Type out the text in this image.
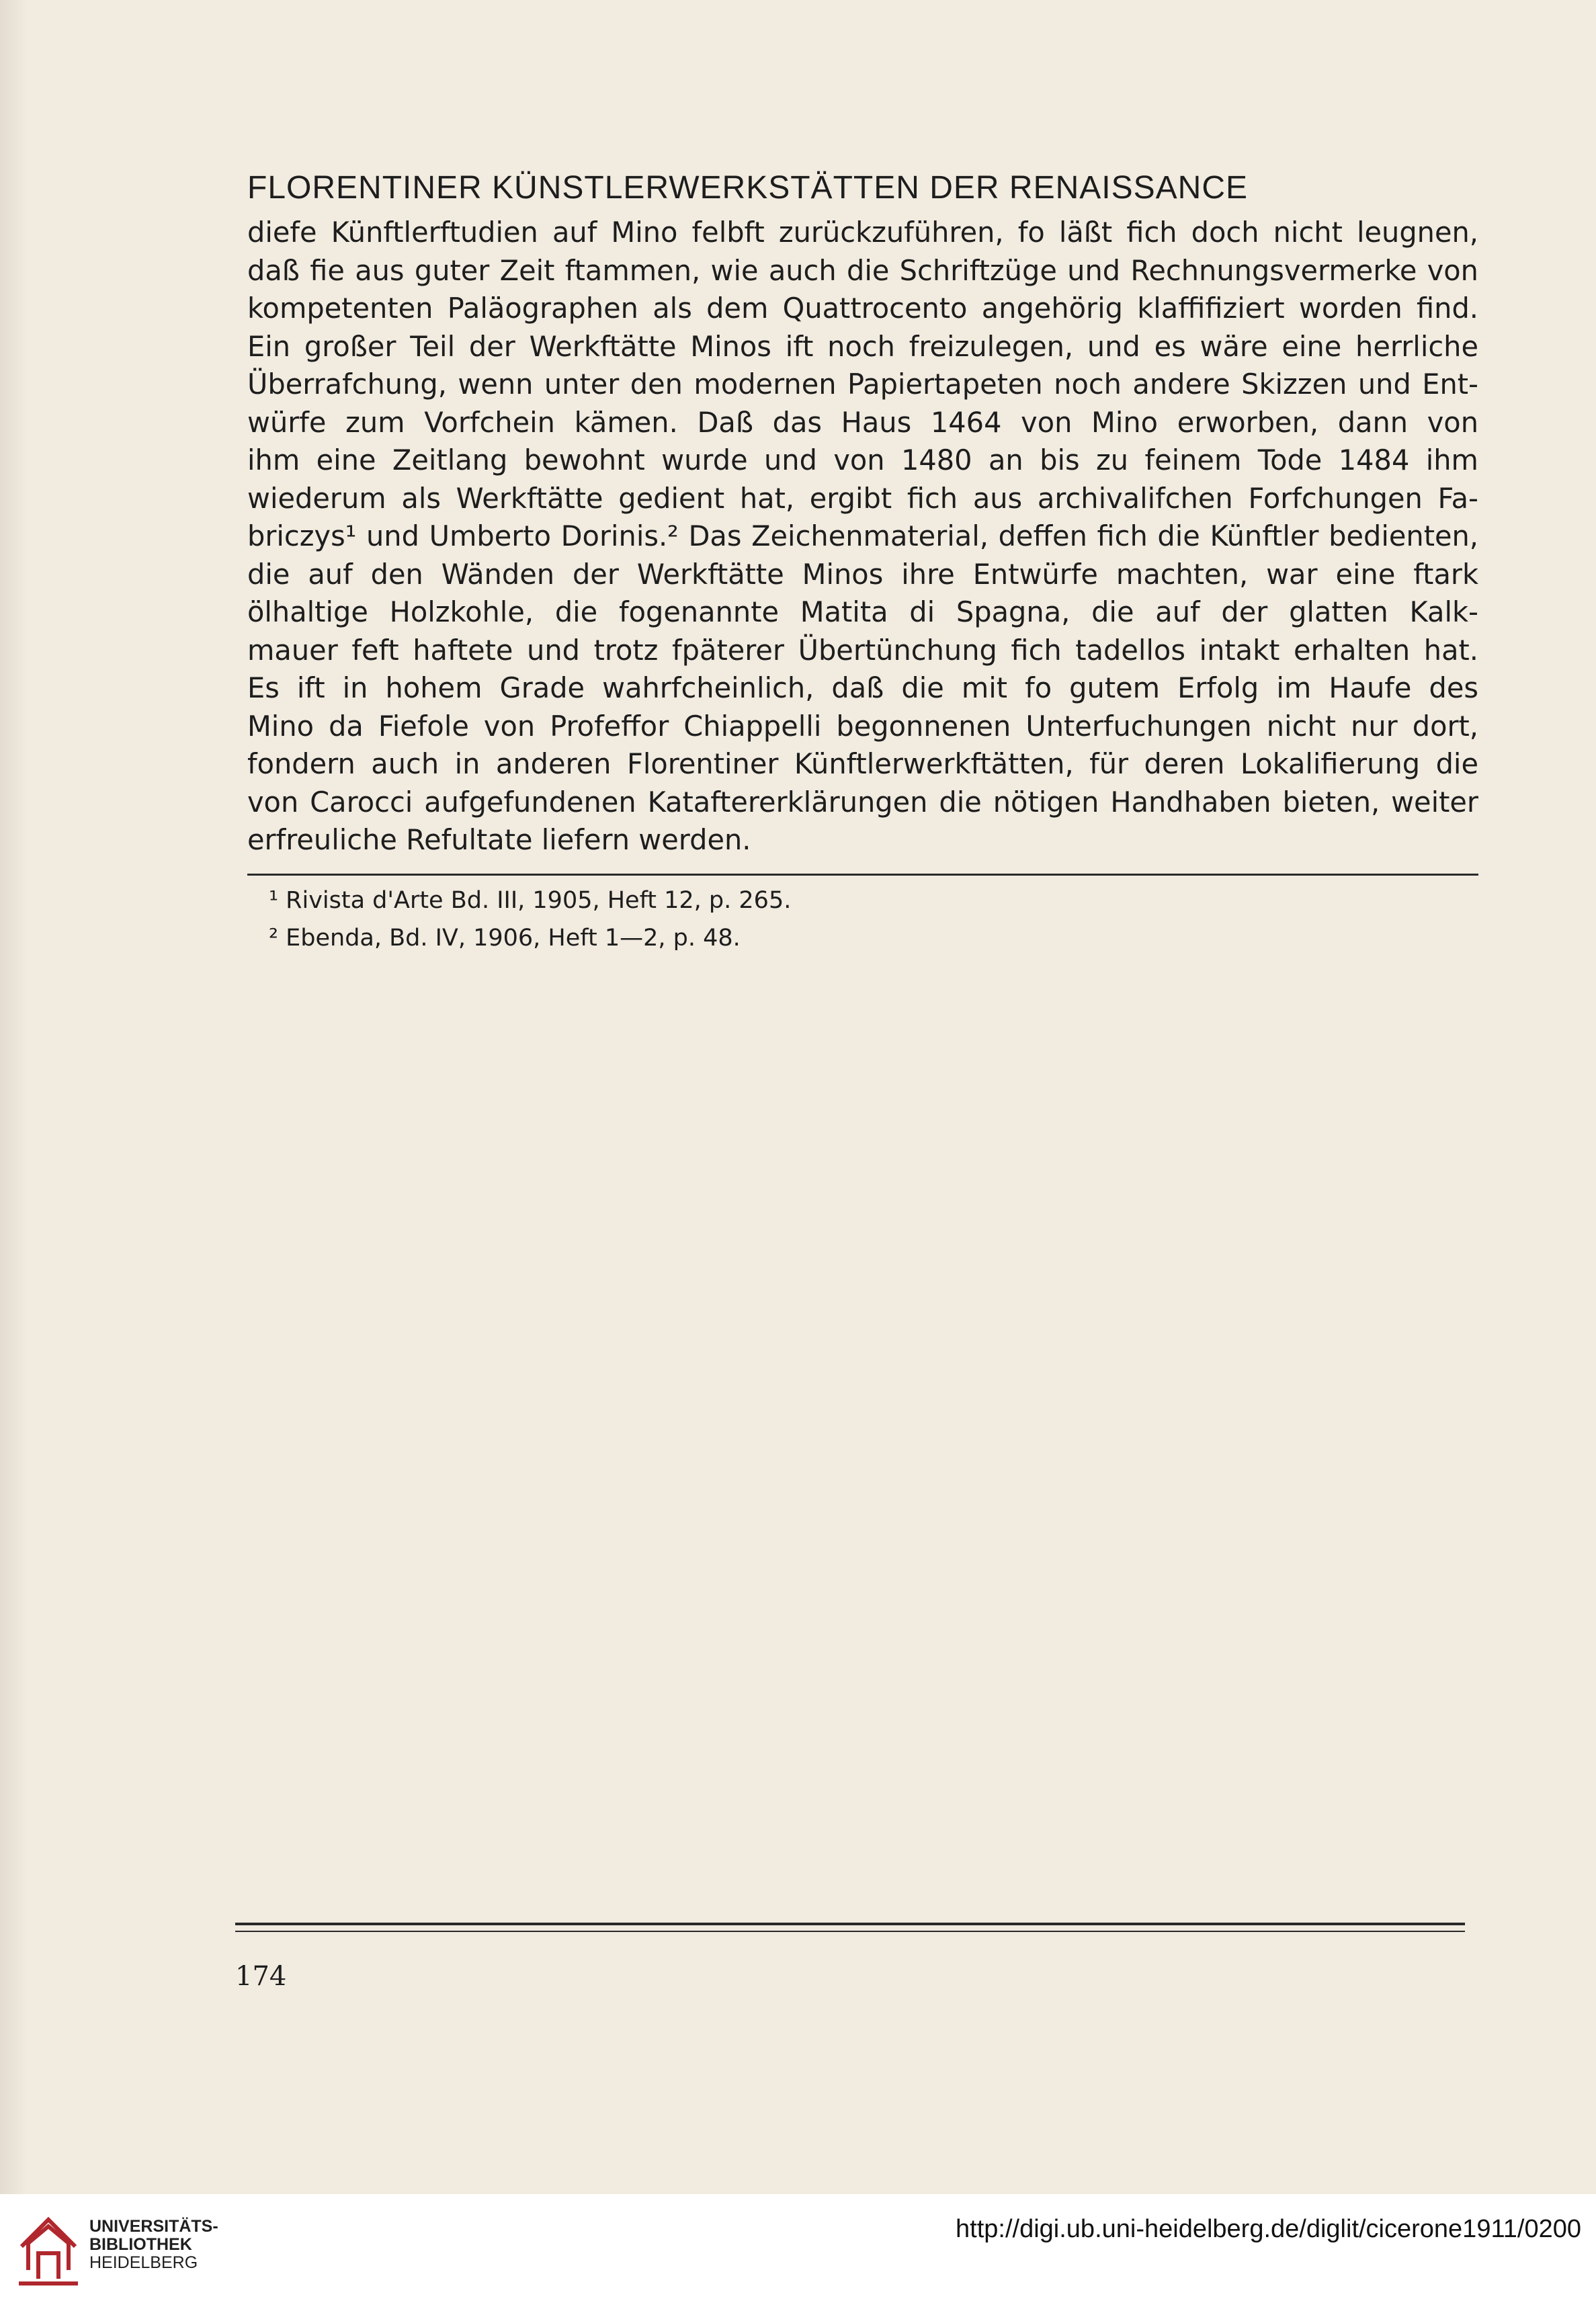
FLORENTINER KÜNSTLERWERKSTÄTTEN DER RENAISSANCE
diefe Künftlerftudien auf Mino felbft zurückzuführen, fo läßt fich doch nicht leugnen,
daß fie aus guter Zeit ftammen, wie auch die Schriftzüge und Rechnungsvermerke von
kompetenten Paläographen als dem Quattrocento angehörig klaffifiziert worden find.
Ein großer Teil der Werkftätte Minos ift noch freizulegen, und es wäre eine herrliche
Überrafchung, wenn unter den modernen Papiertapeten noch andere Skizzen und Ent-
würfe zum Vorfchein kämen. Daß das Haus 1464 von Mino erworben, dann von
ihm eine Zeitlang bewohnt wurde und von 1480 an bis zu feinem Tode 1484 ihm
wiederum als Werkftätte gedient hat, ergibt fich aus archivalifchen Forfchungen Fa-
briczys¹ und Umberto Dorinis.² Das Zeichenmaterial, deffen fich die Künftler bedienten,
die auf den Wänden der Werkftätte Minos ihre Entwürfe machten, war eine ftark
ölhaltige Holzkohle, die fogenannte Matita di Spagna, die auf der glatten Kalk-
mauer feft haftete und trotz fpäterer Übertünchung fich tadellos intakt erhalten hat.
Es ift in hohem Grade wahrfcheinlich, daß die mit fo gutem Erfolg im Haufe des
Mino da Fiefole von Profeffor Chiappelli begonnenen Unterfuchungen nicht nur dort,
fondern auch in anderen Florentiner Künftlerwerkftätten, für deren Lokalifierung die
von Carocci aufgefundenen Kataftererklärungen die nötigen Handhaben bieten, weiter
erfreuliche Refultate liefern werden.
¹ Rivista d'Arte Bd. III, 1905, Heft 12, p. 265.
² Ebenda, Bd. IV, 1906, Heft 1—2, p. 48.
174
UNIVERSITÄTS-
BIBLIOTHEK
HEIDELBERG
http://digi.ub.uni-heidelberg.de/diglit/cicerone1911/0200
